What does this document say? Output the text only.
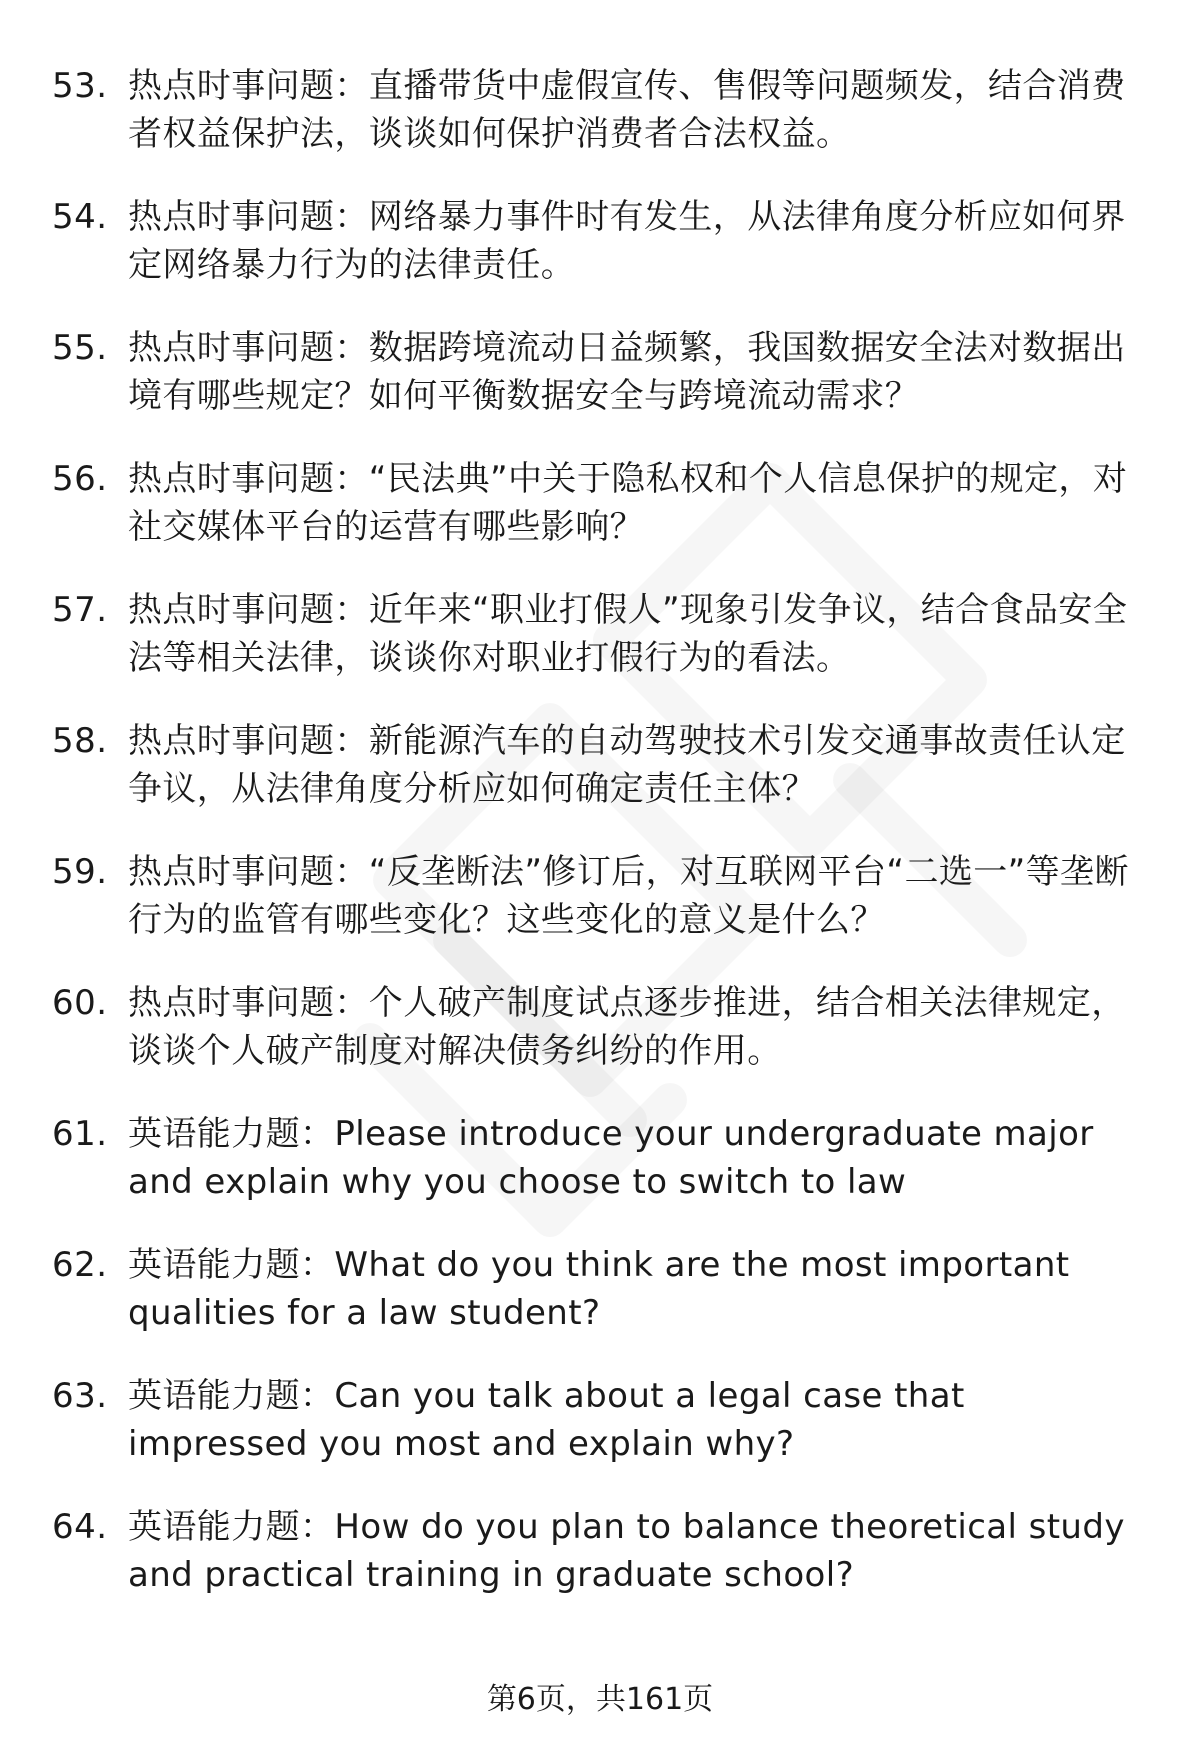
53. 热点时事问题：直播带货中虚假宣传、售假等问题频发，结合消费者权益保护法，谈谈如何保护消费者合法权益。
54. 热点时事问题：网络暴力事件时有发生，从法律角度分析应如何界定网络暴力行为的法律责任。
55. 热点时事问题：数据跨境流动日益频繁，我国数据安全法对数据出境有哪些规定？如何平衡数据安全与跨境流动需求？
56. 热点时事问题：“民法典”中关于隐私权和个人信息保护的规定，对社交媒体平台的运营有哪些影响？
57. 热点时事问题：近年来“职业打假人”现象引发争议，结合食品安全法等相关法律，谈谈你对职业打假行为的看法。
58. 热点时事问题：新能源汽车的自动驾驶技术引发交通事故责任认定争议，从法律角度分析应如何确定责任主体？
59. 热点时事问题：“反垄断法”修订后，对互联网平台“二选一”等垄断行为的监管有哪些变化？这些变化的意义是什么？
60. 热点时事问题：个人破产制度试点逐步推进，结合相关法律规定，谈谈个人破产制度对解决债务纠纷的作用。
61. 英语能力题：Please introduce your undergraduate major and explain why you choose to switch to law
62. 英语能力题：What do you think are the most important qualities for a law student?
63. 英语能力题：Can you talk about a legal case that impressed you most and explain why?
64. 英语能力题：How do you plan to balance theoretical study and practical training in graduate school?
第6页，共161页
